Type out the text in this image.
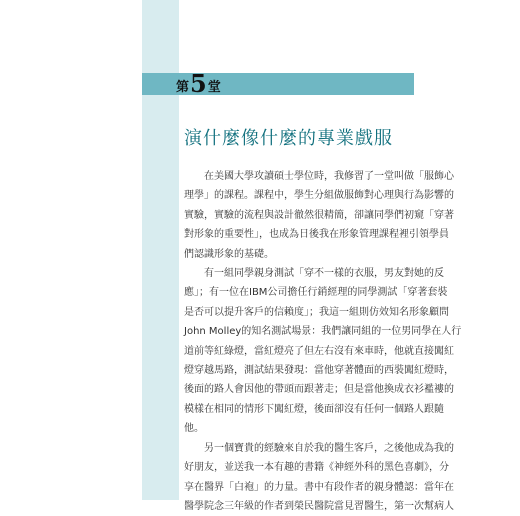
第 5 堂
演什麼像什麼的專業戲服

在美國大學攻讀碩士學位時，我修習了一堂叫做「服飾心
理學」的課程。課程中，學生分組做服飾對心理與行為影響的
實驗，實驗的流程與設計徹然很精簡，卻讓同學們初窺「穿著
對形象的重要性」，也成為日後我在形象管理課程裡引領學員
們認識形象的基礎。

有一組同學親身測試「穿不一樣的衣服，男友對她的反
應」；有一位在IBM公司擔任行銷經理的同學測試「穿著套裝
是否可以提升客戶的信賴度」；我這一組則仿效知名形象顧問
John Molley的知名測試場景：我們讓同組的一位男同學在人行
道前等紅綠燈，當紅燈亮了但左右沒有來車時，他就直接闖紅
燈穿越馬路，測試結果發現：當他穿著體面的西裝闖紅燈時，
後面的路人會因他的帶頭而跟著走；但是當他換成衣衫襤褸的
模樣在相同的情形下闖紅燈，後面卻沒有任何一個路人跟隨
他。

另一個寶貴的經驗來自於我的醫生客戶，之後他成為我的
好朋友，並送我一本有趣的書籍《神經外科的黑色喜劇》，分
享在醫界「白袍」的力量。書中有段作者的親身體認：當年在
醫學院念三年級的作者到榮民醫院當見習醫生，第一次幫病人
